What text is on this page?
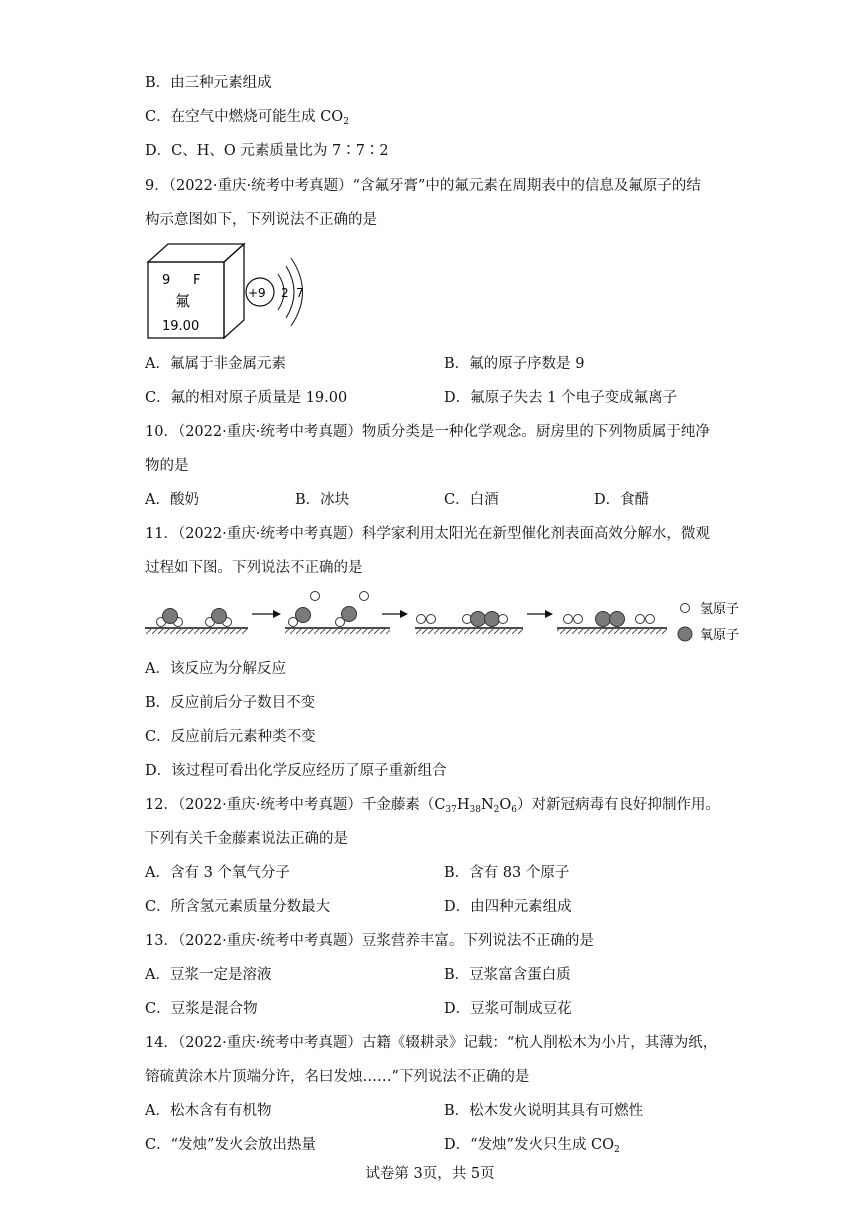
B．由三种元素组成
C．在空气中燃烧可能生成 $CO_2$
D．C、H、O 元素质量比为 7∶7∶2
9．（2022·重庆·统考中考真题）“含氟牙膏”中的氟元素在周期表中的信息及氟原子的结
构示意图如下，下列说法不正确的是
9 F
氟
19.00
+9 2 7
A．氟属于非金属元素	B．氟的原子序数是 9
C．氟的相对原子质量是 19.00	D．氟原子失去 1 个电子变成氟离子
10．（2022·重庆·统考中考真题）物质分类是一种化学观念。厨房里的下列物质属于纯净
物的是
A．酸奶	B．冰块	C．白酒	D．食醋
11．（2022·重庆·统考中考真题）科学家利用太阳光在新型催化剂表面高效分解水，微观
过程如下图。下列说法不正确的是
氢原子
氧原子
A．该反应为分解反应
B．反应前后分子数目不变
C．反应前后元素种类不变
D．该过程可看出化学反应经历了原子重新组合
12．（2022·重庆·统考中考真题）千金藤素$(C_{37}H_{38}N_2O_6)$对新冠病毒有良好抑制作用。
下列有关千金藤素说法正确的是
A．含有 3 个氧气分子	B．含有 83 个原子
C．所含氢元素质量分数最大	D．由四种元素组成
13．（2022·重庆·统考中考真题）豆浆营养丰富。下列说法不正确的是
A．豆浆一定是溶液	B．豆浆富含蛋白质
C．豆浆是混合物	D．豆浆可制成豆花
14．（2022·重庆·统考中考真题）古籍《辍耕录》记载：“杭人削松木为小片，其薄为纸，
镕硫黄涂木片顶端分许，名曰发烛……”下列说法不正确的是
A．松木含有有机物	B．松木发火说明其具有可燃性
C．“发烛”发火会放出热量	D．“发烛”发火只生成 $CO_2$
试卷第 3页，共 5页
